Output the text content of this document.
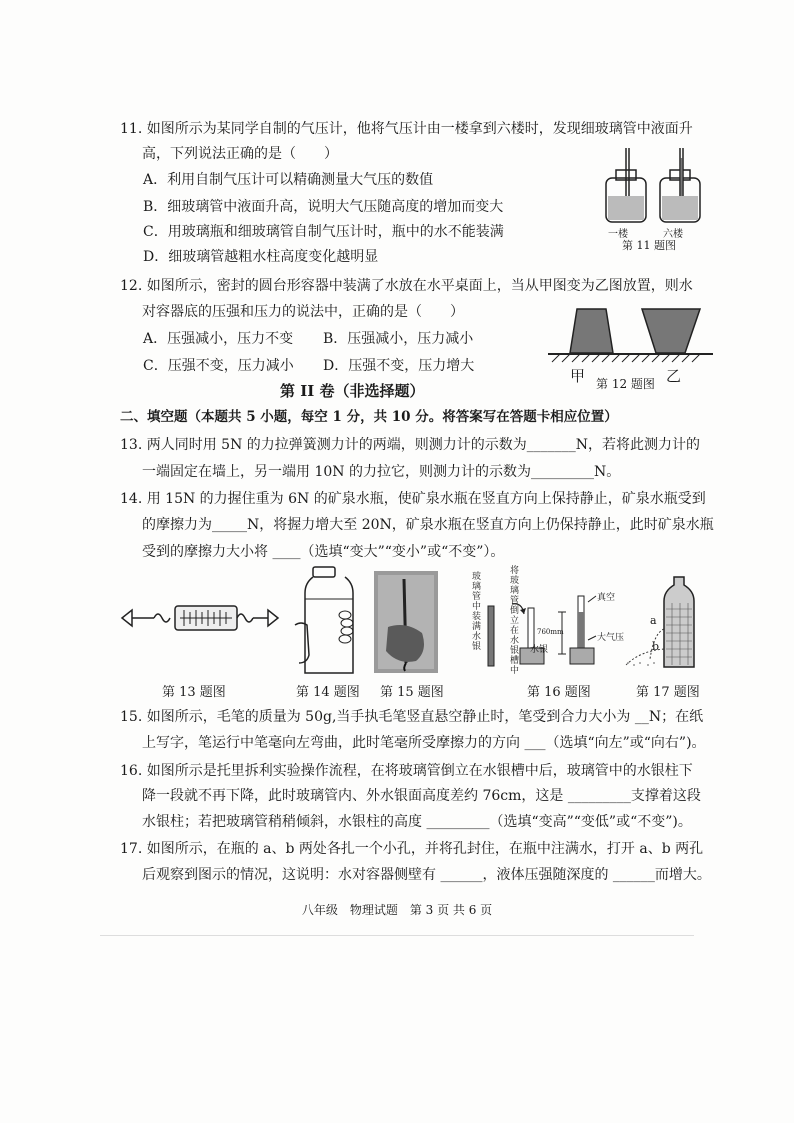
11. 如图所示为某同学自制的气压计，他将气压计由一楼拿到六楼时，发现细玻璃管中液面升
高，下列说法正确的是（　　）
A．利用自制气压计可以精确测量大气压的数值
B．细玻璃管中液面升高，说明大气压随高度的增加而变大
C．用玻璃瓶和细玻璃管自制气压计时，瓶中的水不能装满
D．细玻璃管越粗水柱高度变化越明显
一楼	六楼
第 11 题图
12. 如图所示，密封的圆台形容器中装满了水放在水平桌面上，当从甲图变为乙图放置，则水
对容器底的压强和压力的说法中，正确的是（　　）
A．压强减小，压力不变 B．压强减小，压力减小
C．压强不变，压力减小 D．压强不变，压力增大
甲 第 12 题图 乙
第 II 卷（非选择题）
二、填空题（本题共 5 小题，每空 1 分，共 10 分。将答案写在答题卡相应位置）
13. 两人同时用 5N 的力拉弹簧测力计的两端，则测力计的示数为_______N，若将此测力计的
一端固定在墙上，另一端用 10N 的力拉它，则测力计的示数为_________N。
14. 用 15N 的力握住重为 6N 的矿泉水瓶，使矿泉水瓶在竖直方向上保持静止，矿泉水瓶受到
的摩擦力为_____N，将握力增大至 20N，矿泉水瓶在竖直方向上仍保持静止，此时矿泉水瓶
受到的摩擦力大小将 ____（选填“变大”“变小”或“不变”）。
第 13 题图	第 14 题图 第 15 题图
玻璃管中装满水银
将玻璃管倒立在水银槽中
真空
760mm
大气压
水银
第 16 题图
a
b
第 17 题图
15. 如图所示，毛笔的质量为 50g,当手执毛笔竖直悬空静止时，笔受到合力大小为 __N；在纸
上写字，笔运行中笔毫向左弯曲，此时笔毫所受摩擦力的方向 ___（选填“向左”或“向右”)。
16. 如图所示是托里拆利实验操作流程，在将玻璃管倒立在水银槽中后，玻璃管中的水银柱下
降一段就不再下降，此时玻璃管内、外水银面高度差约 76cm，这是 _________支撑着这段
水银柱；若把玻璃管稍稍倾斜，水银柱的高度 _________（选填“变高”“变低”或“不变”)。
17. 如图所示，在瓶的 a、b 两处各扎一个小孔，并将孔封住，在瓶中注满水，打开 a、b 两孔
后观察到图示的情况，这说明：水对容器侧壁有 ______，液体压强随深度的 ______而增大。
八年级　物理试题　第 3 页 共 6 页
